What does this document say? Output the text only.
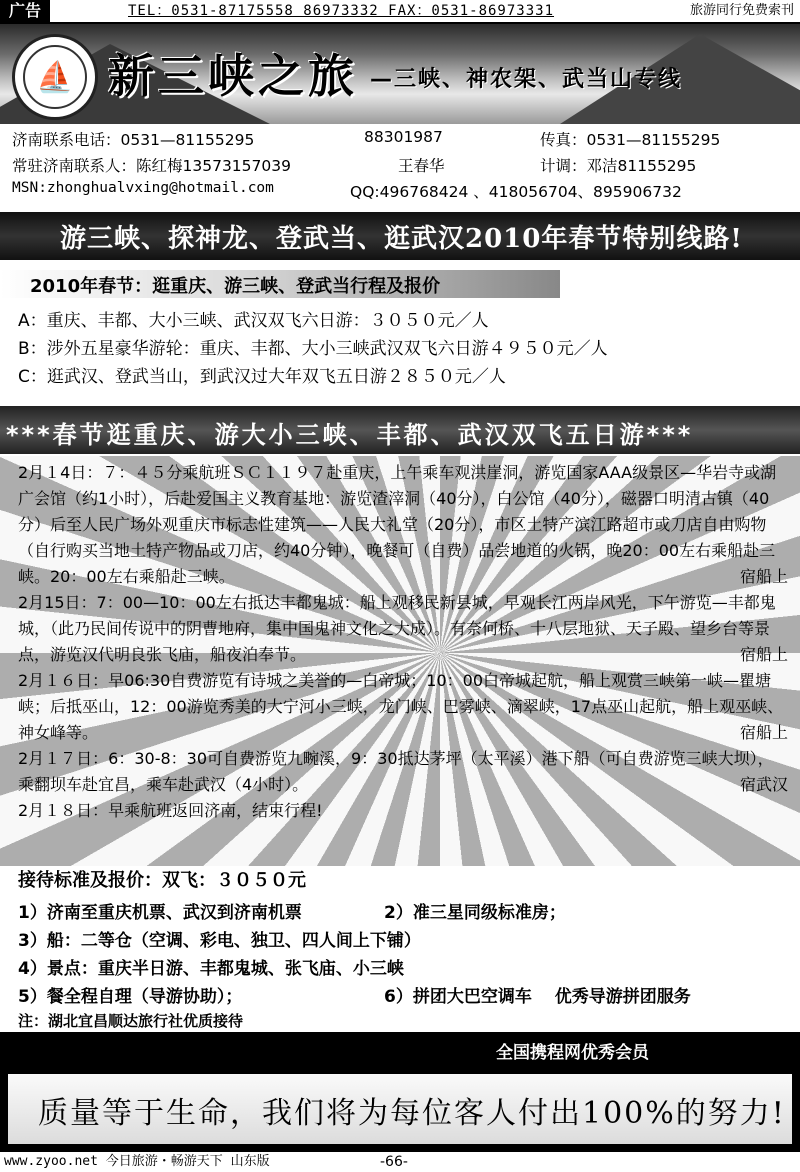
广告	TEL：0531-87175558 86973332 FAX：0531-86973331	旅游同行免费索刊
⛵ 新三峡之旅 —三峡、神农架、武当山专线
济南联系电话：0531—81155295	88301987	传真：0531—81155295
常驻济南联系人：陈红梅13573157039	王春华	计调：邓洁81155295
MSN:zhonghualvxing@hotmail.com	QQ:496768424 、418056704、895906732
游三峡、探神龙、登武当、逛武汉2010年春节特别线路!
2010年春节：逛重庆、游三峡、登武当行程及报价
A：重庆、丰都、大小三峡、武汉双飞六日游：３０５０元／人
B：涉外五星豪华游轮：重庆、丰都、大小三峡武汉双飞六日游４９５０元／人
C：逛武汉、登武当山，到武汉过大年双飞五日游２８５０元／人
***春节逛重庆、游大小三峡、丰都、武汉双飞五日游***

2月１4日：７：４５分乘航班ＳＣ１１９７赴重庆，上午乘车观洪崖洞，游览国家AAA级景区—华岩寺或湖广会馆（约1小时），后赴爱国主义教育基地：游览渣滓洞（40分），白公馆（40分），磁器口明清古镇（40分）后至人民广场外观重庆市标志性建筑——人民大礼堂（20分），市区土特产滨江路超市或刀店自由购物（自行购买当地土特产物品或刀店，约40分钟），晚餐可（自费）品尝地道的火锅，晚20：00左右乘船赴三峡。20：00左右乘船赴三峡。	宿船上

2月15日：7：00—10：00左右抵达丰都鬼城：船上观移民新县城，早观长江两岸风光，下午游览—丰都鬼城，（此乃民间传说中的阴曹地府，集中国鬼神文化之大成）。有奈何桥、十八层地狱、天子殿、望乡台等景点，游览汉代明良张飞庙，船夜泊奉节。	宿船上

2月１６日：早06:30自费游览有诗城之美誉的—白帝城；10：00白帝城起航，船上观赏三峡第一峡—瞿塘峡；后抵巫山，12：00游览秀美的大宁河小三峡，龙门峡、巴雾峡、滴翠峡，17点巫山起航，船上观巫峡、神女峰等。	宿船上

2月１７日：6：30-8：30可自费游览九畹溪，9：30抵达茅坪（太平溪）港下船（可自费游览三峡大坝），乘翻坝车赴宜昌，乘车赴武汉（4小时）。	宿武汉

2月１８日：早乘航班返回济南，结束行程!

接待标准及报价：双飞：３０５０元
1）济南至重庆机票、武汉到济南机票	2）准三星同级标准房；
3）船：二等仓（空调、彩电、独卫、四人间上下铺）
4）景点：重庆半日游、丰都鬼城、张飞庙、小三峡
5）餐全程自理（导游协助）；	6）拼团大巴空调车　 优秀导游拼团服务
注：湖北宜昌顺达旅行社优质接待
全国携程网优秀会员
质量等于生命，我们将为每位客人付出100%的努力!
www.zyoo.net 今日旅游・畅游天下 山东版	-66-
